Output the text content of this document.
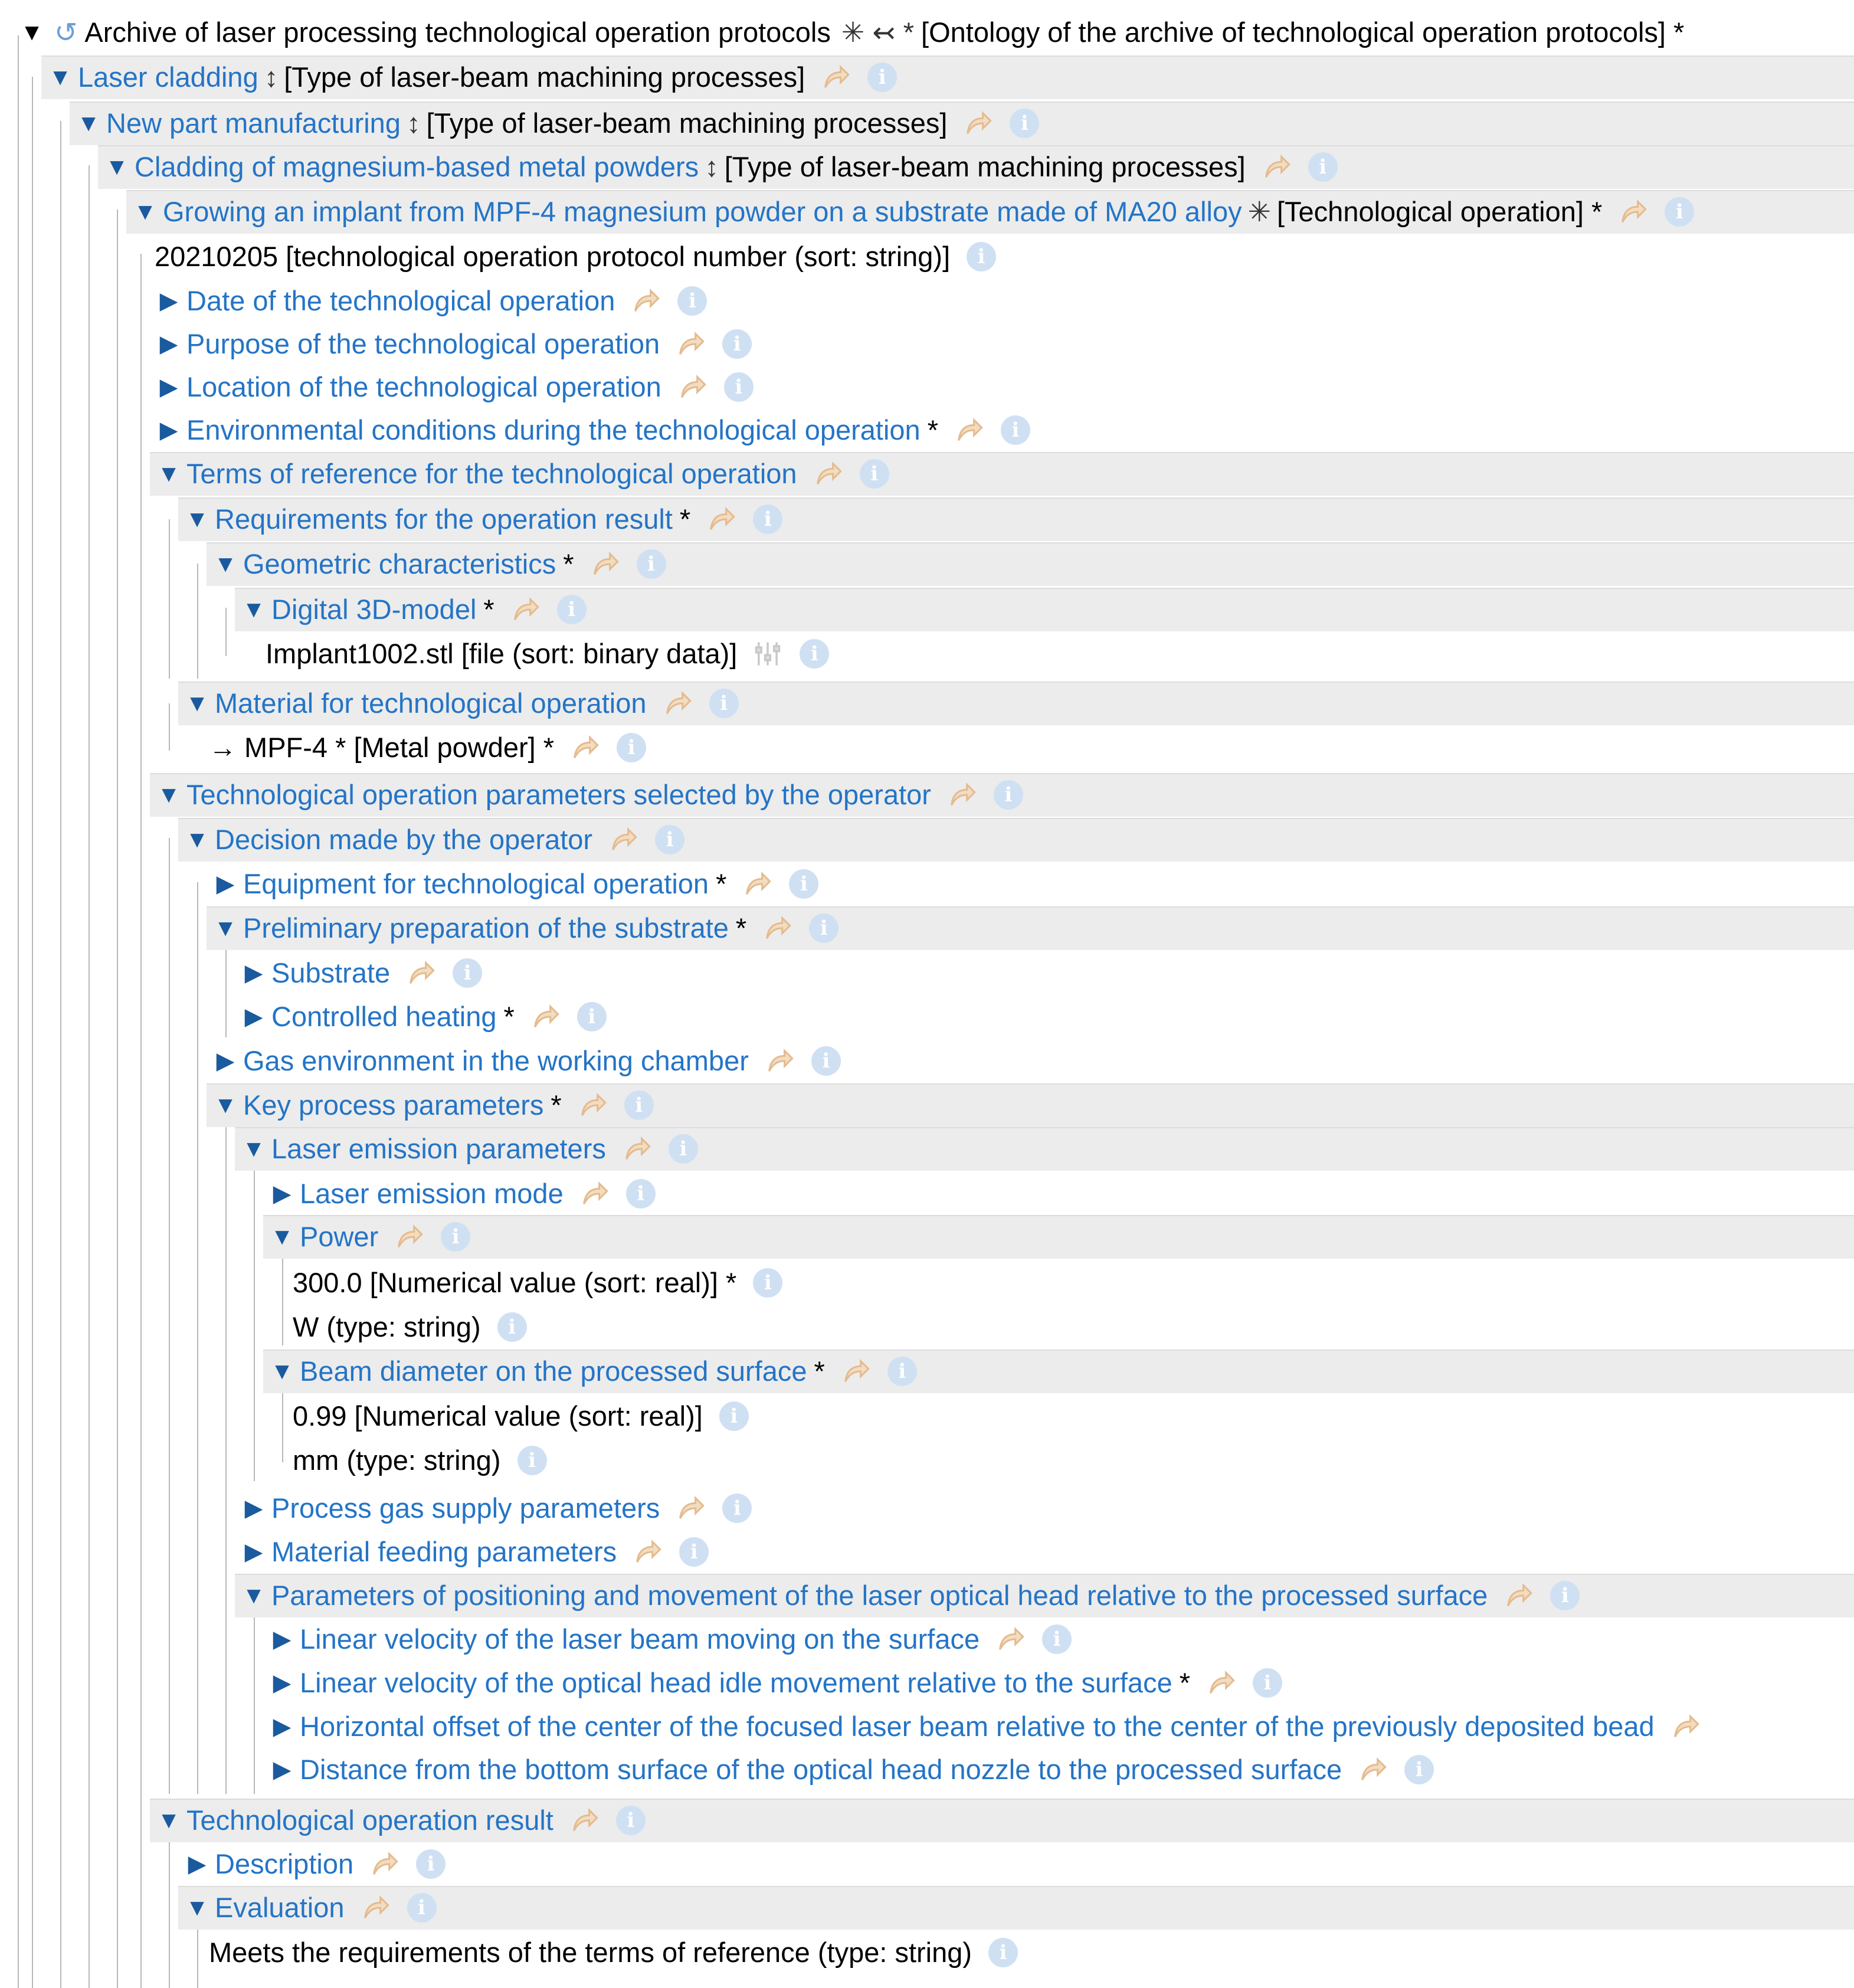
▼ ↺ Archive of laser processing technological operation protocols ✳ ↢ * [Ontology of the archive of technological operation protocols] *
▼ Laser cladding ↕ [Type of laser-beam machining processes]	i
▼ New part manufacturing ↕ [Type of laser-beam machining processes]	i
▼ Cladding of magnesium-based metal powders ↕ [Type of laser-beam machining processes]	i
▼ Growing an implant from MPF-4 magnesium powder on a substrate made of MA20 alloy ✳ [Technological operation] *	i
20210205 [technological operation protocol number (sort: string)] i
▶ Date of the technological operation	i
▶ Purpose of the technological operation	i
▶ Location of the technological operation	i
▶ Environmental conditions during the technological operation *	i
▼ Terms of reference for the technological operation	i
▼ Requirements for the operation result *	i
▼ Geometric characteristics *	i
▼ Digital 3D-model *	i
Implant1002.stl [file (sort: binary data)]	i
▼ Material for technological operation	i
→ MPF-4 * [Metal powder] *	i
▼ Technological operation parameters selected by the operator	i
▼ Decision made by the operator	i
▶ Equipment for technological operation *	i
▼ Preliminary preparation of the substrate *	i
▶ Substrate	i
▶ Controlled heating *	i
▶ Gas environment in the working chamber	i
▼ Key process parameters *	i
▼ Laser emission parameters	i
▶ Laser emission mode	i
▼ Power	i
300.0 [Numerical value (sort: real)] * i
W (type: string) i
▼ Beam diameter on the processed surface *	i
0.99 [Numerical value (sort: real)] i
mm (type: string) i
▶ Process gas supply parameters	i
▶ Material feeding parameters	i
▼ Parameters of positioning and movement of the laser optical head relative to the processed surface	i
▶ Linear velocity of the laser beam moving on the surface	i
▶ Linear velocity of the optical head idle movement relative to the surface *	i
▶ Horizontal offset of the center of the focused laser beam relative to the center of the previously deposited bead
▶ Distance from the bottom surface of the optical head nozzle to the processed surface	i
▼ Technological operation result	i
▶ Description	i
▼ Evaluation	i
Meets the requirements of the terms of reference (type: string) i
